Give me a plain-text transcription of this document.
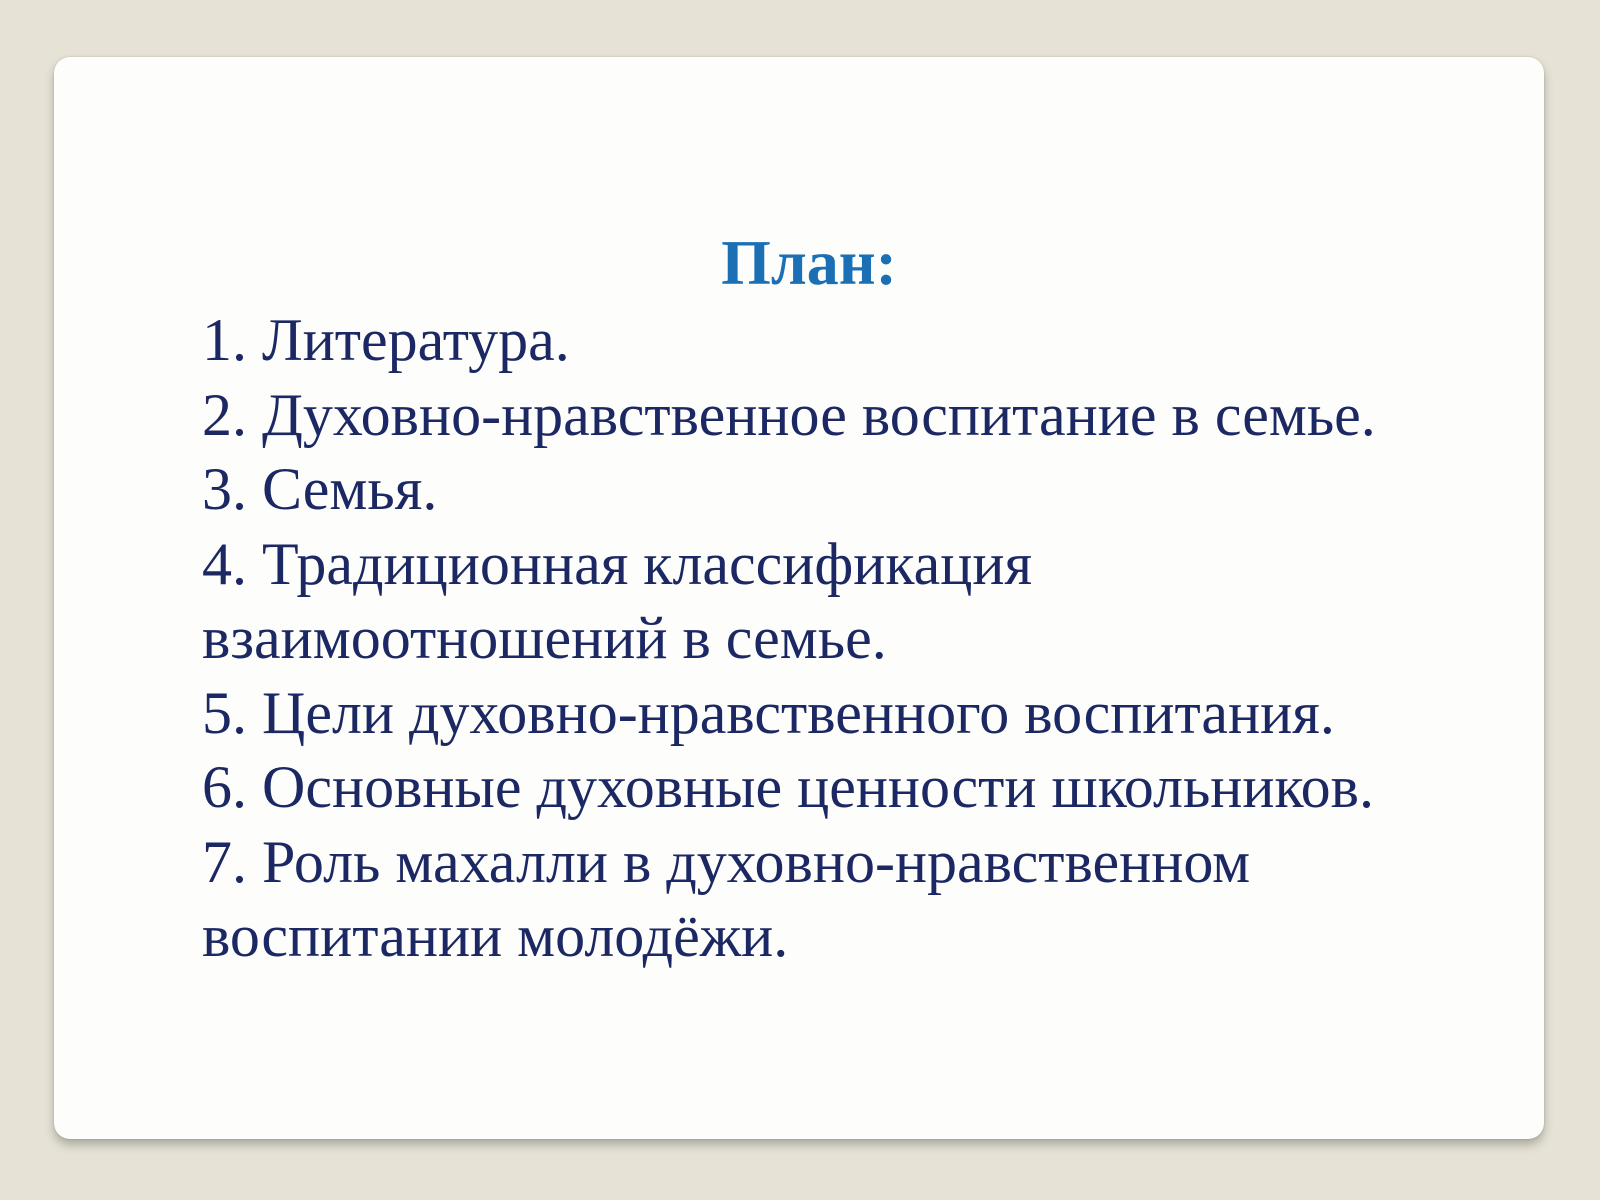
План:
1. Литература.
2. Духовно-нравственное воспитание в семье.
3. Семья.
4. Традиционная классификация взаимоотношений в семье.
5. Цели духовно-нравственного воспитания.
6. Основные духовные ценности школьников.
7. Роль махалли в духовно-нравственном воспитании молодёжи.
